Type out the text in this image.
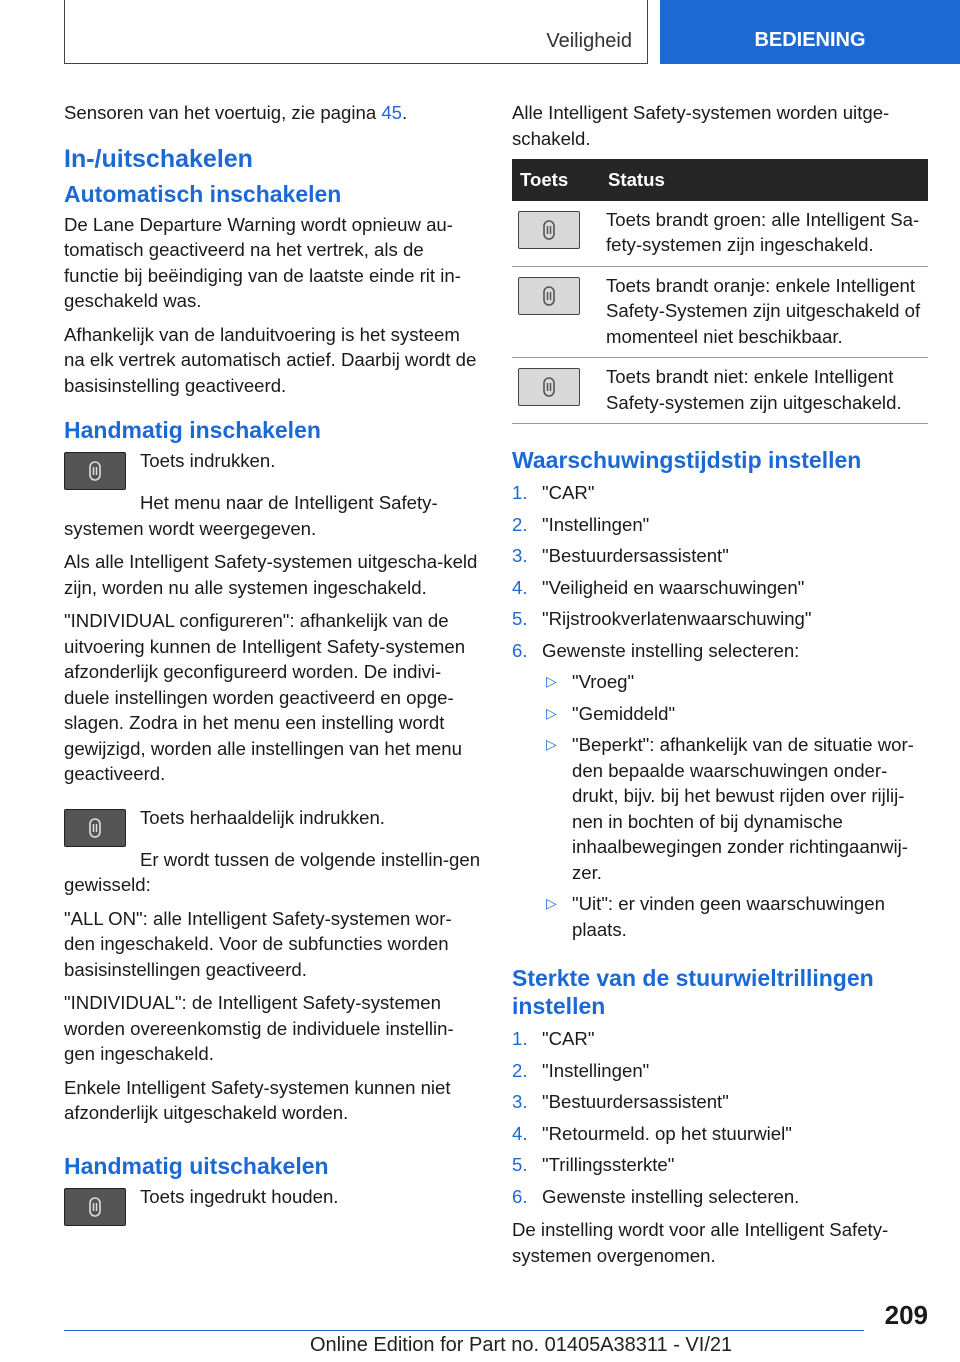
Veiligheid	BEDIENING

Sensoren van het voertuig, zie pagina 45.

In-/uitschakelen
Automatisch inschakelen

De Lane Departure Warning wordt opnieuw au-tomatisch geactiveerd na het vertrek, als de functie bij beëindiging van de laatste einde rit in-geschakeld was.

Afhankelijk van de landuitvoering is het systeem na elk vertrek automatisch actief. Daarbij wordt de basisinstelling geactiveerd.

Handmatig inschakelen

Toets indrukken.

Het menu naar de Intelligent Safety-systemen wordt weergegeven.

Als alle Intelligent Safety-systemen uitgescha-keld zijn, worden nu alle systemen ingeschakeld.

"INDIVIDUAL configureren": afhankelijk van de uitvoering kunnen de Intelligent Safety-systemen afzonderlijk geconfigureerd worden. De indivi-duele instellingen worden geactiveerd en opge-slagen. Zodra in het menu een instelling wordt gewijzigd, worden alle instellingen van het menu geactiveerd.

Toets herhaaldelijk indrukken.

Er wordt tussen de volgende instellin-gen gewisseld:

"ALL ON": alle Intelligent Safety-systemen wor-den ingeschakeld. Voor de subfuncties worden basisinstellingen geactiveerd.

"INDIVIDUAL": de Intelligent Safety-systemen worden overeenkomstig de individuele instellin-gen ingeschakeld.

Enkele Intelligent Safety-systemen kunnen niet afzonderlijk uitgeschakeld worden.

Handmatig uitschakelen

Toets ingedrukt houden.

Alle Intelligent Safety-systemen worden uitge-schakeld.

Toets	Status

	Toets brandt groen: alle Intelligent Sa-fety-systemen zijn ingeschakeld.

	Toets brandt oranje: enkele Intelligent Safety-Systemen zijn uitgeschakeld of momenteel niet beschikbaar.

	Toets brandt niet: enkele Intelligent Safety-systemen zijn uitgeschakeld.
Waarschuwingstijdstip instellen
1. "CAR"
2. "Instellingen"
3. "Bestuurdersassistent"
4. "Veiligheid en waarschuwingen"
5. "Rijstrookverlatenwaarschuwing"
6. Gewenste instelling selecteren:
▷ "Vroeg"
▷ "Gemiddeld"
▷ "Beperkt": afhankelijk van de situatie wor-den bepaalde waarschuwingen onder-drukt, bijv. bij het bewust rijden over rijlij-nen in bochten of bij dynamische inhaalbewegingen zonder richtingaanwij-zer.
▷ "Uit": er vinden geen waarschuwingen plaats.
Sterkte van de stuurwieltrillingen instellen
1. "CAR"
2. "Instellingen"
3. "Bestuurdersassistent"
4. "Retourmeld. op het stuurwiel"
5. "Trillingssterkte"
6. Gewenste instelling selecteren.

De instelling wordt voor alle Intelligent Safety-systemen overgenomen.

209
Online Edition for Part no. 01405A38311 - VI/21
